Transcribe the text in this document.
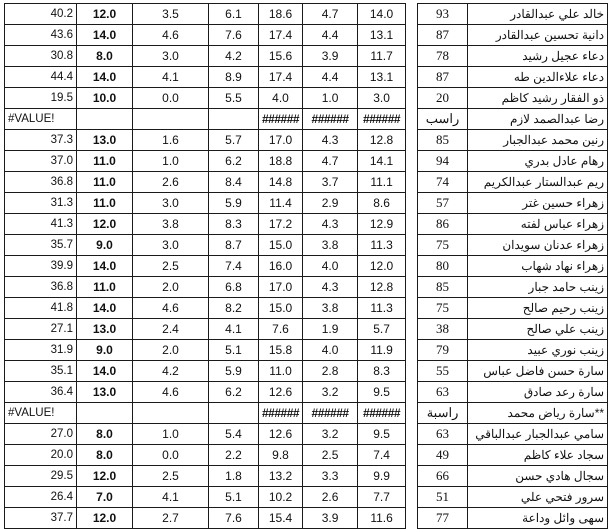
40.2	12.0	3.5	6.1	18.6	4.7	14.0		93	خالد علي عبدالقادر
43.6	14.0	4.6	7.6	17.4	4.4	13.1		87	دانية تحسين عبدالقادر
30.8	8.0	3.0	4.2	15.6	3.9	11.7		78	دعاء عجيل رشيد
44.4	14.0	4.1	8.9	17.4	4.4	13.1		87	دعاء علاءالدين طه
19.5	10.0	0.0	5.5	4.0	1.0	3.0		20	ذو الفقار رشيد كاظم
#VALUE!				######	######	######		راسب	رضا عبدالصمد لازم
37.3	13.0	1.6	5.7	17.0	4.3	12.8		85	رنين محمد عبدالجبار
37.0	11.0	1.0	6.2	18.8	4.7	14.1		94	رهام عادل بدري
36.8	11.0	2.6	8.4	14.8	3.7	11.1		74	ريم عبدالستار عبدالكريم
31.3	11.0	3.0	5.9	11.4	2.9	8.6		57	زهراء حسين غتر
41.3	12.0	3.8	8.3	17.2	4.3	12.9		86	زهراء عباس لفته
35.7	9.0	3.0	8.7	15.0	3.8	11.3		75	زهراء عدنان سويدان
39.9	14.0	2.5	7.4	16.0	4.0	12.0		80	زهراء نهاد شهاب
36.8	11.0	2.0	6.8	17.0	4.3	12.8		85	زينب حامد جبار
41.8	14.0	4.6	8.2	15.0	3.8	11.3		75	زينب رحيم صالح
27.1	13.0	2.4	4.1	7.6	1.9	5.7		38	زينب علي صالح
31.9	9.0	2.0	5.1	15.8	4.0	11.9		79	زينب نوري عبيد
35.1	14.0	4.2	5.9	11.0	2.8	8.3		55	سارة حسن فاضل عباس
36.4	13.0	4.6	6.2	12.6	3.2	9.5		63	سارة رعد صادق
#VALUE!				######	######	######		راسبة	**سارة رياض محمد
27.0	8.0	1.0	5.4	12.6	3.2	9.5		63	سامي عبدالجبار عبدالباقي
20.0	8.0	0.0	2.2	9.8	2.5	7.4		49	سجاد علاء كاظم
29.5	12.0	2.5	1.8	13.2	3.3	9.9		66	سجال هادي حسن
26.4	7.0	4.1	5.1	10.2	2.6	7.7		51	سرور فتحي علي
37.7	12.0	2.7	7.6	15.4	3.9	11.6		77	سهى وائل وداعة
